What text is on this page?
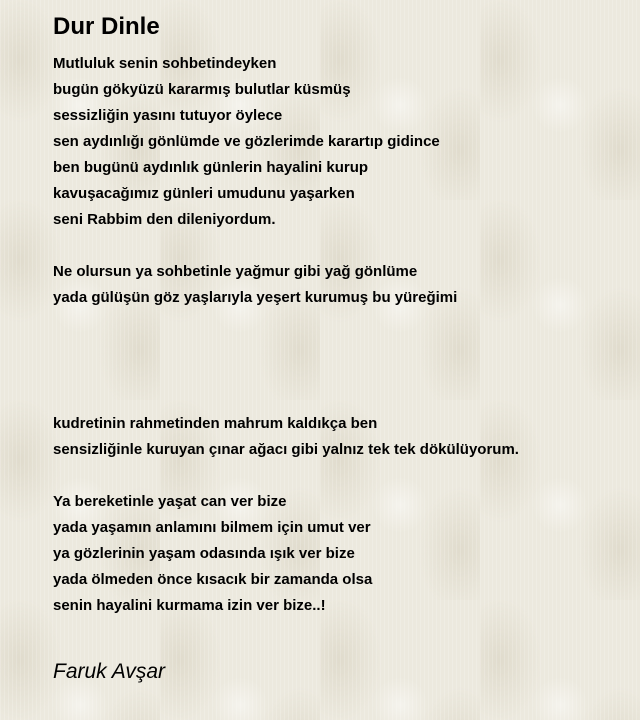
Dur Dinle
Mutluluk senin sohbetindeyken
bugün gökyüzü kararmış bulutlar küsmüş
sessizliğin yasını tutuyor öylece
sen aydınlığı gönlümde ve gözlerimde karartıp gidince
ben bugünü aydınlık günlerin hayalini kurup
kavuşacağımız günleri umudunu yaşarken
seni Rabbim den dileniyordum.
Ne olursun ya sohbetinle yağmur gibi yağ gönlüme
yada gülüşün göz yaşlarıyla yeşert kurumuş bu yüreğimi
kudretinin rahmetinden mahrum kaldıkça ben
sensizliğinle kuruyan çınar ağacı gibi yalnız tek tek dökülüyorum.
Ya bereketinle yaşat can ver bize
yada yaşamın anlamını bilmem için umut ver
ya gözlerinin yaşam odasında ışık ver bize
yada ölmeden önce kısacık bir zamanda olsa
senin hayalini kurmama izin ver bize..!

Faruk Avşar
